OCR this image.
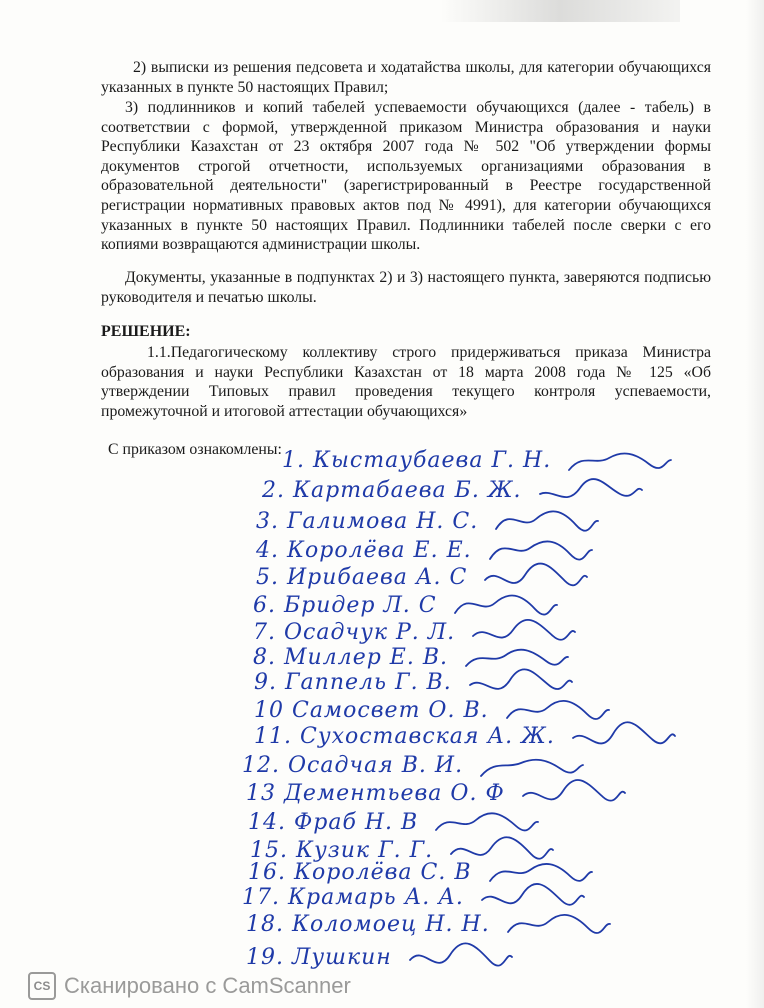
2) выписки из решения педсовета и ходатайства школы, для категории обучающихся указанных в пункте 50 настоящих Правил;

3) подлинников и копий табелей успеваемости обучающихся (далее - табель) в соответствии с формой, утвержденной приказом Министра образования и науки Республики Казахстан от 23 октября 2007 года № 502 "Об утверждении формы документов строгой отчетности, используемых организациями образования в образовательной деятельности" (зарегистрированный в Реестре государственной регистрации нормативных правовых актов под № 4991), для категории обучающихся указанных в пункте 50 настоящих Правил. Подлинники табелей после сверки с его копиями возвращаются администрации школы.

Документы, указанные в подпунктах 2) и 3) настоящего пункта, заверяются подписью руководителя и печатью школы.

РЕШЕНИЕ:

1.1.Педагогическому коллективу строго придерживаться приказа Министра образования и науки Республики Казахстан от 18 марта 2008 года № 125 «Об утверждении Типовых правил проведения текущего контроля успеваемости, промежуточной и итоговой аттестации обучающихся»

С приказом ознакомлены: 1. Кыстаубаева Г. Н.
2. Картабаева Б. Ж.
3. Галимова Н. С.
4. Королёва Е. Е.
5. Ирибаева А. С
6. Бридер Л. С
7. Осадчук Р. Л.
8. Миллер Е. В.
9. Гаппель Г. В.
10 Самосвет О. В.
11. Сухоставская А. Ж.
12. Осадчая В. И.
13 Дементьева О. Ф
14. Фраб Н. В
15. Кузик Г. Г.
16. Королёва С. В
17. Крамарь А. А.
18. Коломоец Н. Н.
19. Лушкин
CS Сканировано с CamScanner
